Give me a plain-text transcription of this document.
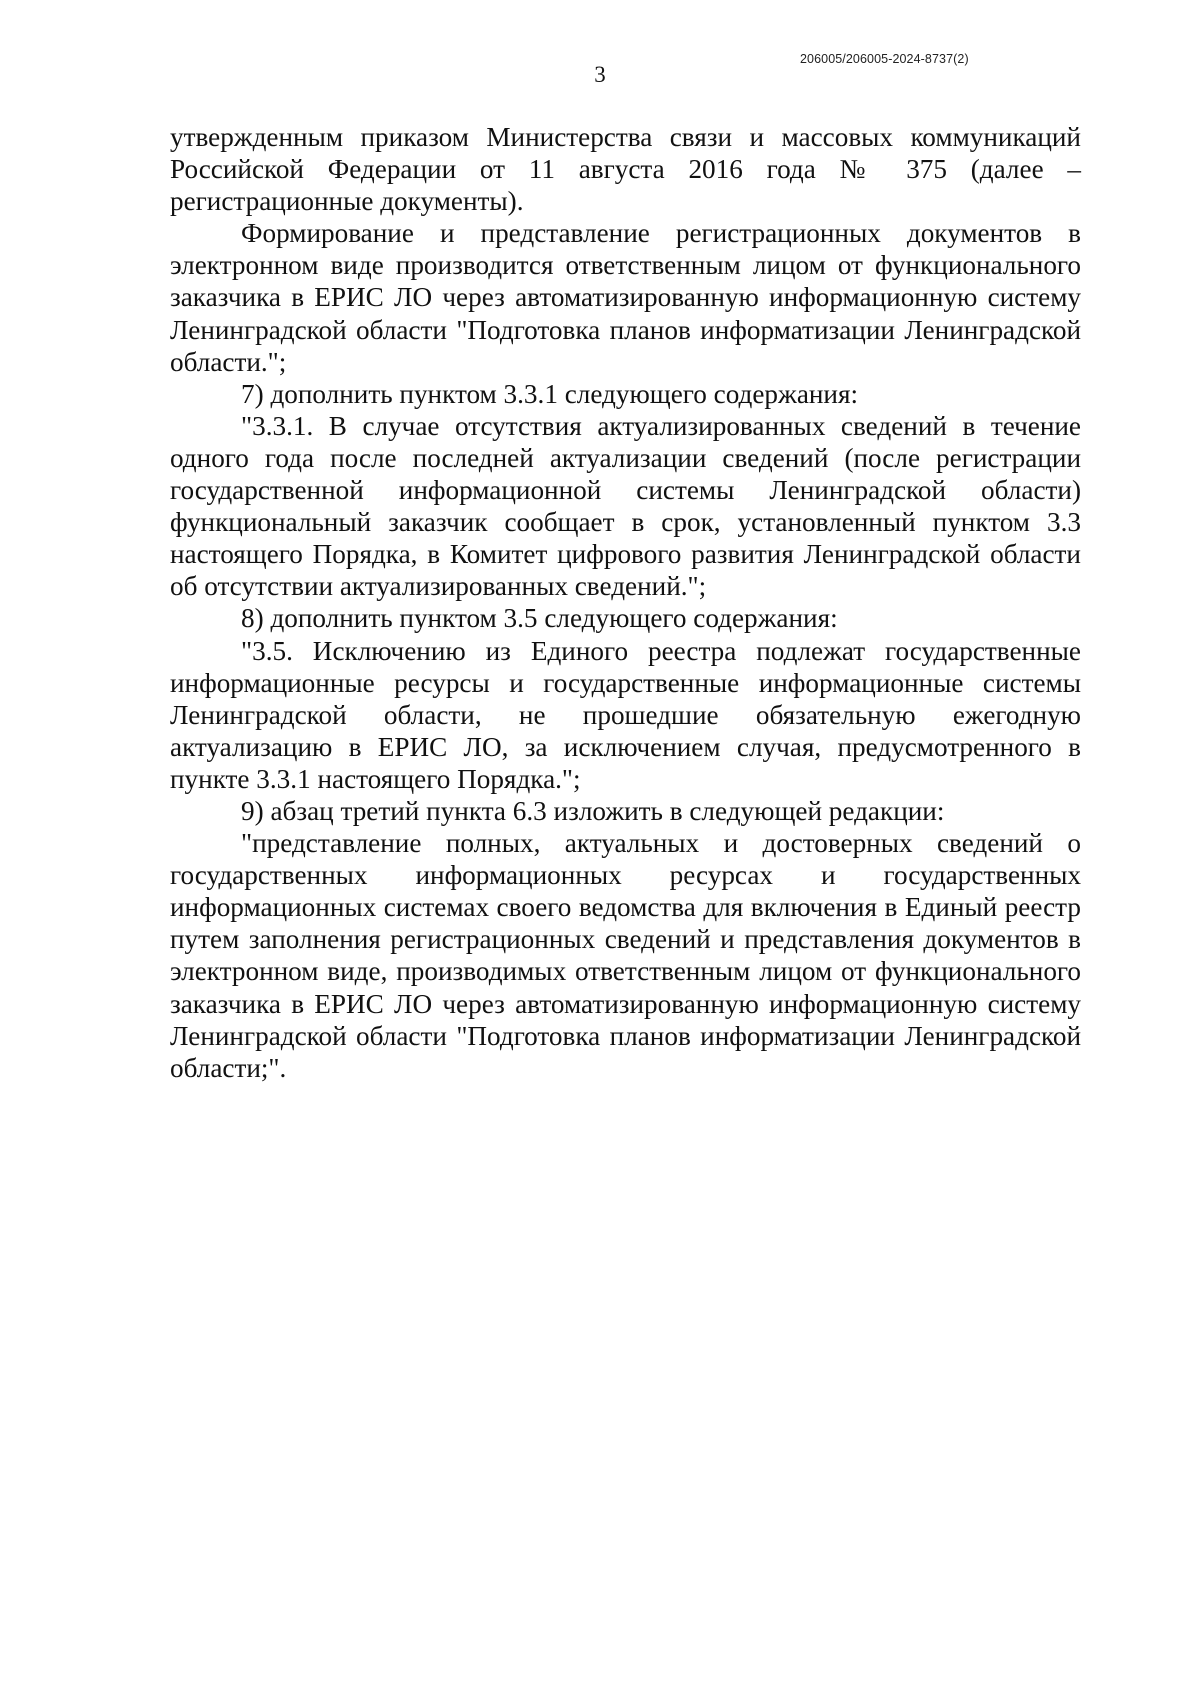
206005/206005-2024-8737(2)
3

утвержденным приказом Министерства связи и массовых коммуникаций Российской Федерации от 11 августа 2016 года № 375 (далее – регистрационные документы).

Формирование и представление регистрационных документов в электронном виде производится ответственным лицом от функционального заказчика в ЕРИС ЛО через автоматизированную информационную систему Ленинградской области "Подготовка планов информатизации Ленинградской области.";

7) дополнить пунктом 3.3.1 следующего содержания:

"3.3.1. В случае отсутствия актуализированных сведений в течение одного года после последней актуализации сведений (после регистрации государственной информационной системы Ленинградской области) функциональный заказчик сообщает в срок, установленный пунктом 3.3 настоящего Порядка, в Комитет цифрового развития Ленинградской области об отсутствии актуализированных сведений.";

8) дополнить пунктом 3.5 следующего содержания:

"3.5. Исключению из Единого реестра подлежат государственные информационные ресурсы и государственные информационные системы Ленинградской области, не прошедшие обязательную ежегодную актуализацию в ЕРИС ЛО, за исключением случая, предусмотренного в пункте 3.3.1 настоящего Порядка.";

9) абзац третий пункта 6.3 изложить в следующей редакции:

"представление полных, актуальных и достоверных сведений о государственных информационных ресурсах и государственных информационных системах своего ведомства для включения в Единый реестр путем заполнения регистрационных сведений и представления документов в электронном виде, производимых ответственным лицом от функционального заказчика в ЕРИС ЛО через автоматизированную информационную систему Ленинградской области "Подготовка планов информатизации Ленинградской области;".
